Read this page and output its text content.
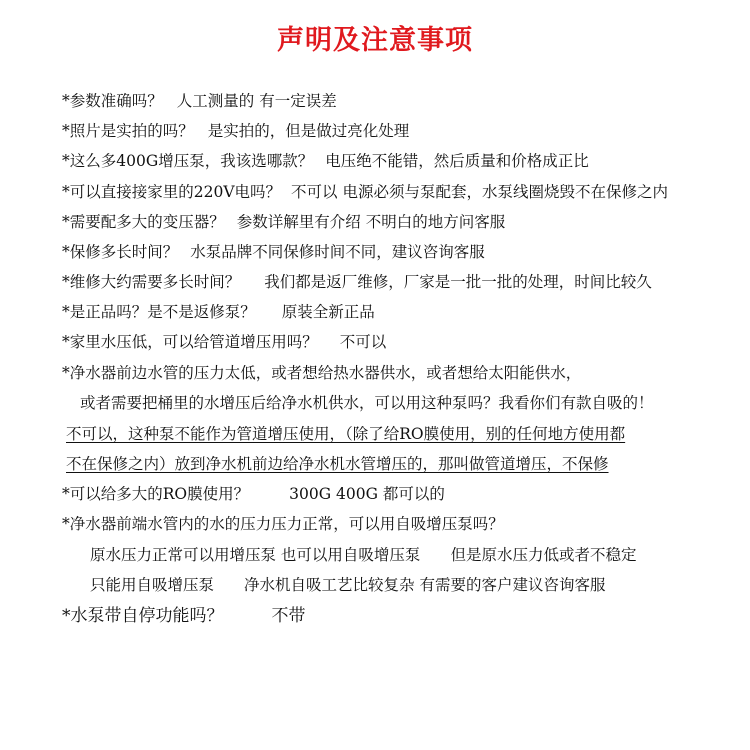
声明及注意事项
*参数准确吗？ 人工测量的 有一定误差
*照片是实拍的吗？ 是实拍的，但是做过亮化处理
*这么多400G增压泵，我该选哪款？ 电压绝不能错，然后质量和价格成正比
*可以直接接家里的220V电吗？ 不可以 电源必须与泵配套，水泵线圈烧毁不在保修之内
*需要配多大的变压器？ 参数详解里有介绍 不明白的地方问客服
*保修多长时间？ 水泵品牌不同保修时间不同，建议咨询客服
*维修大约需要多长时间？ 我们都是返厂维修，厂家是一批一批的处理，时间比较久
*是正品吗？是不是返修泵？ 原装全新正品
*家里水压低，可以给管道增压用吗？ 不可以
*净水器前边水管的压力太低，或者想给热水器供水，或者想给太阳能供水，
或者需要把桶里的水增压后给净水机供水，可以用这种泵吗？我看你们有款自吸的！
不可以，这种泵不能作为管道增压使用，（除了给RO膜使用，别的任何地方使用都
不在保修之内）放到净水机前边给净水机水管增压的，那叫做管道增压，不保修
*可以给多大的RO膜使用？	300G 400G 都可以的
*净水器前端水管内的水的压力压力正常，可以用自吸增压泵吗？
原水压力正常可以用增压泵 也可以用自吸增压泵 但是原水压力低或者不稳定
只能用自吸增压泵 净水机自吸工艺比较复杂 有需要的客户建议咨询客服
*水泵带自停功能吗？	不带
